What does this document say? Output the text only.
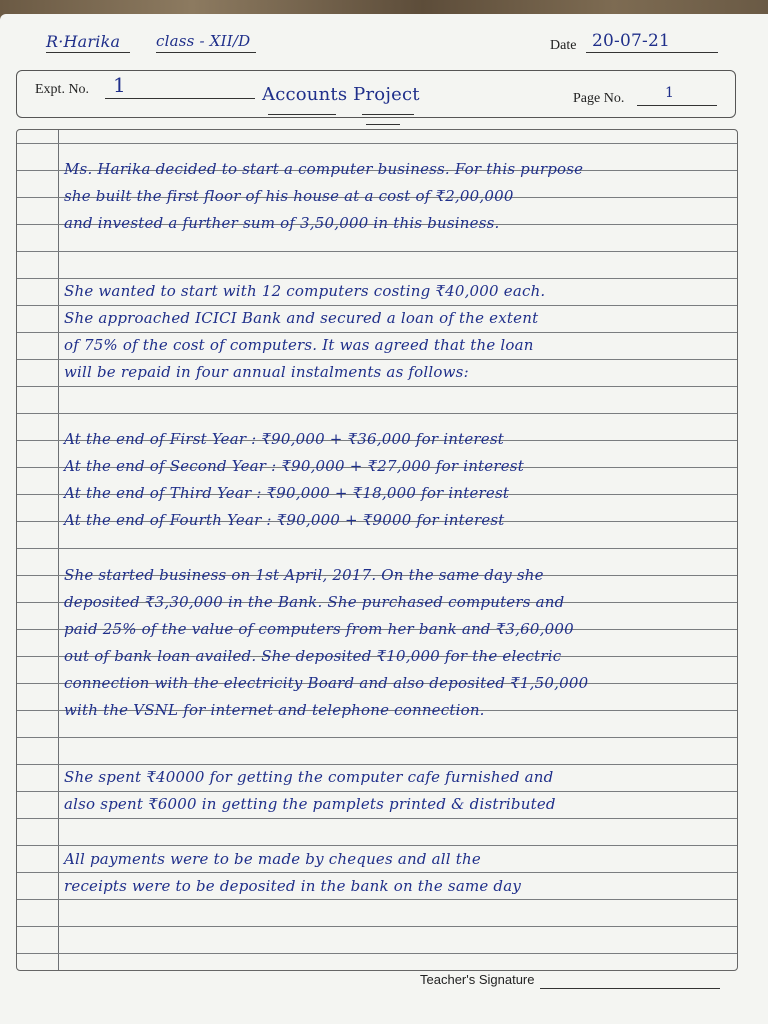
R·Harika class - XII/D	Date 20-07-21
Expt. No. 1
Page No.	1
Accounts Project
Ms. Harika decided to start a computer business. For this purpose
she built the first floor of his house at a cost of ₹2,00,000
and invested a further sum of 3,50,000 in this business.
She wanted to start with 12 computers costing ₹40,000 each.
She approached ICICI Bank and secured a loan of the extent
of 75% of the cost of computers. It was agreed that the loan
will be repaid in four annual instalments as follows:
At the end of First Year : ₹90,000 + ₹36,000 for interest
At the end of Second Year : ₹90,000 + ₹27,000 for interest
At the end of Third Year : ₹90,000 + ₹18,000 for interest
At the end of Fourth Year : ₹90,000 + ₹9000 for interest
She started business on 1st April, 2017. On the same day she
deposited ₹3,30,000 in the Bank. She purchased computers and
paid 25% of the value of computers from her bank and ₹3,60,000
out of bank loan availed. She deposited ₹10,000 for the electric
connection with the electricity Board and also deposited ₹1,50,000
with the VSNL for internet and telephone connection.
She spent ₹40000 for getting the computer cafe furnished and
also spent ₹6000 in getting the pamplets printed & distributed
All payments were to be made by cheques and all the
receipts were to be deposited in the bank on the same day
Teacher's Signature
